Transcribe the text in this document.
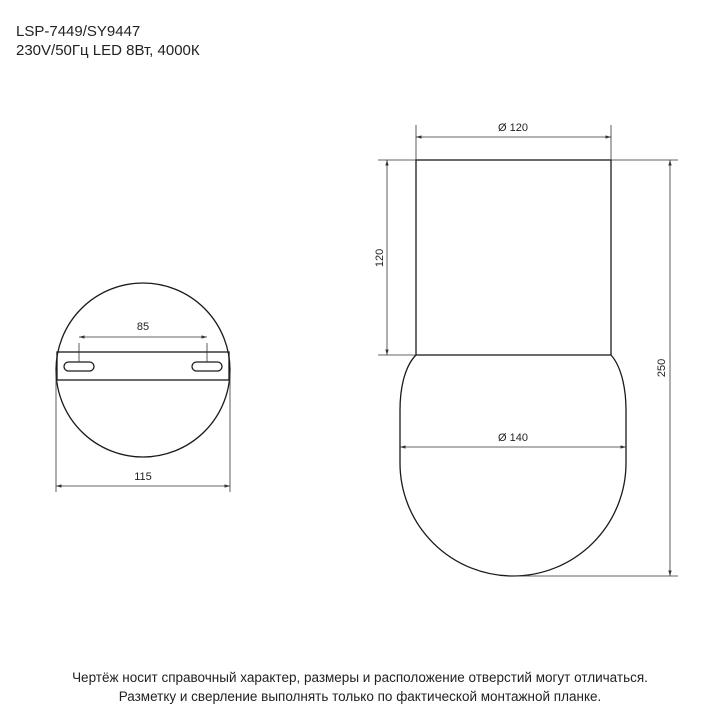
LSP-7449/SY9447
230V/50Гц LED 8Вт, 4000К
85
115
Ø 120
120
250
Ø 140
Чертёж носит справочный характер, размеры и расположение отверстий могут отличаться.
Разметку и сверление выполнять только по фактической монтажной планке.
